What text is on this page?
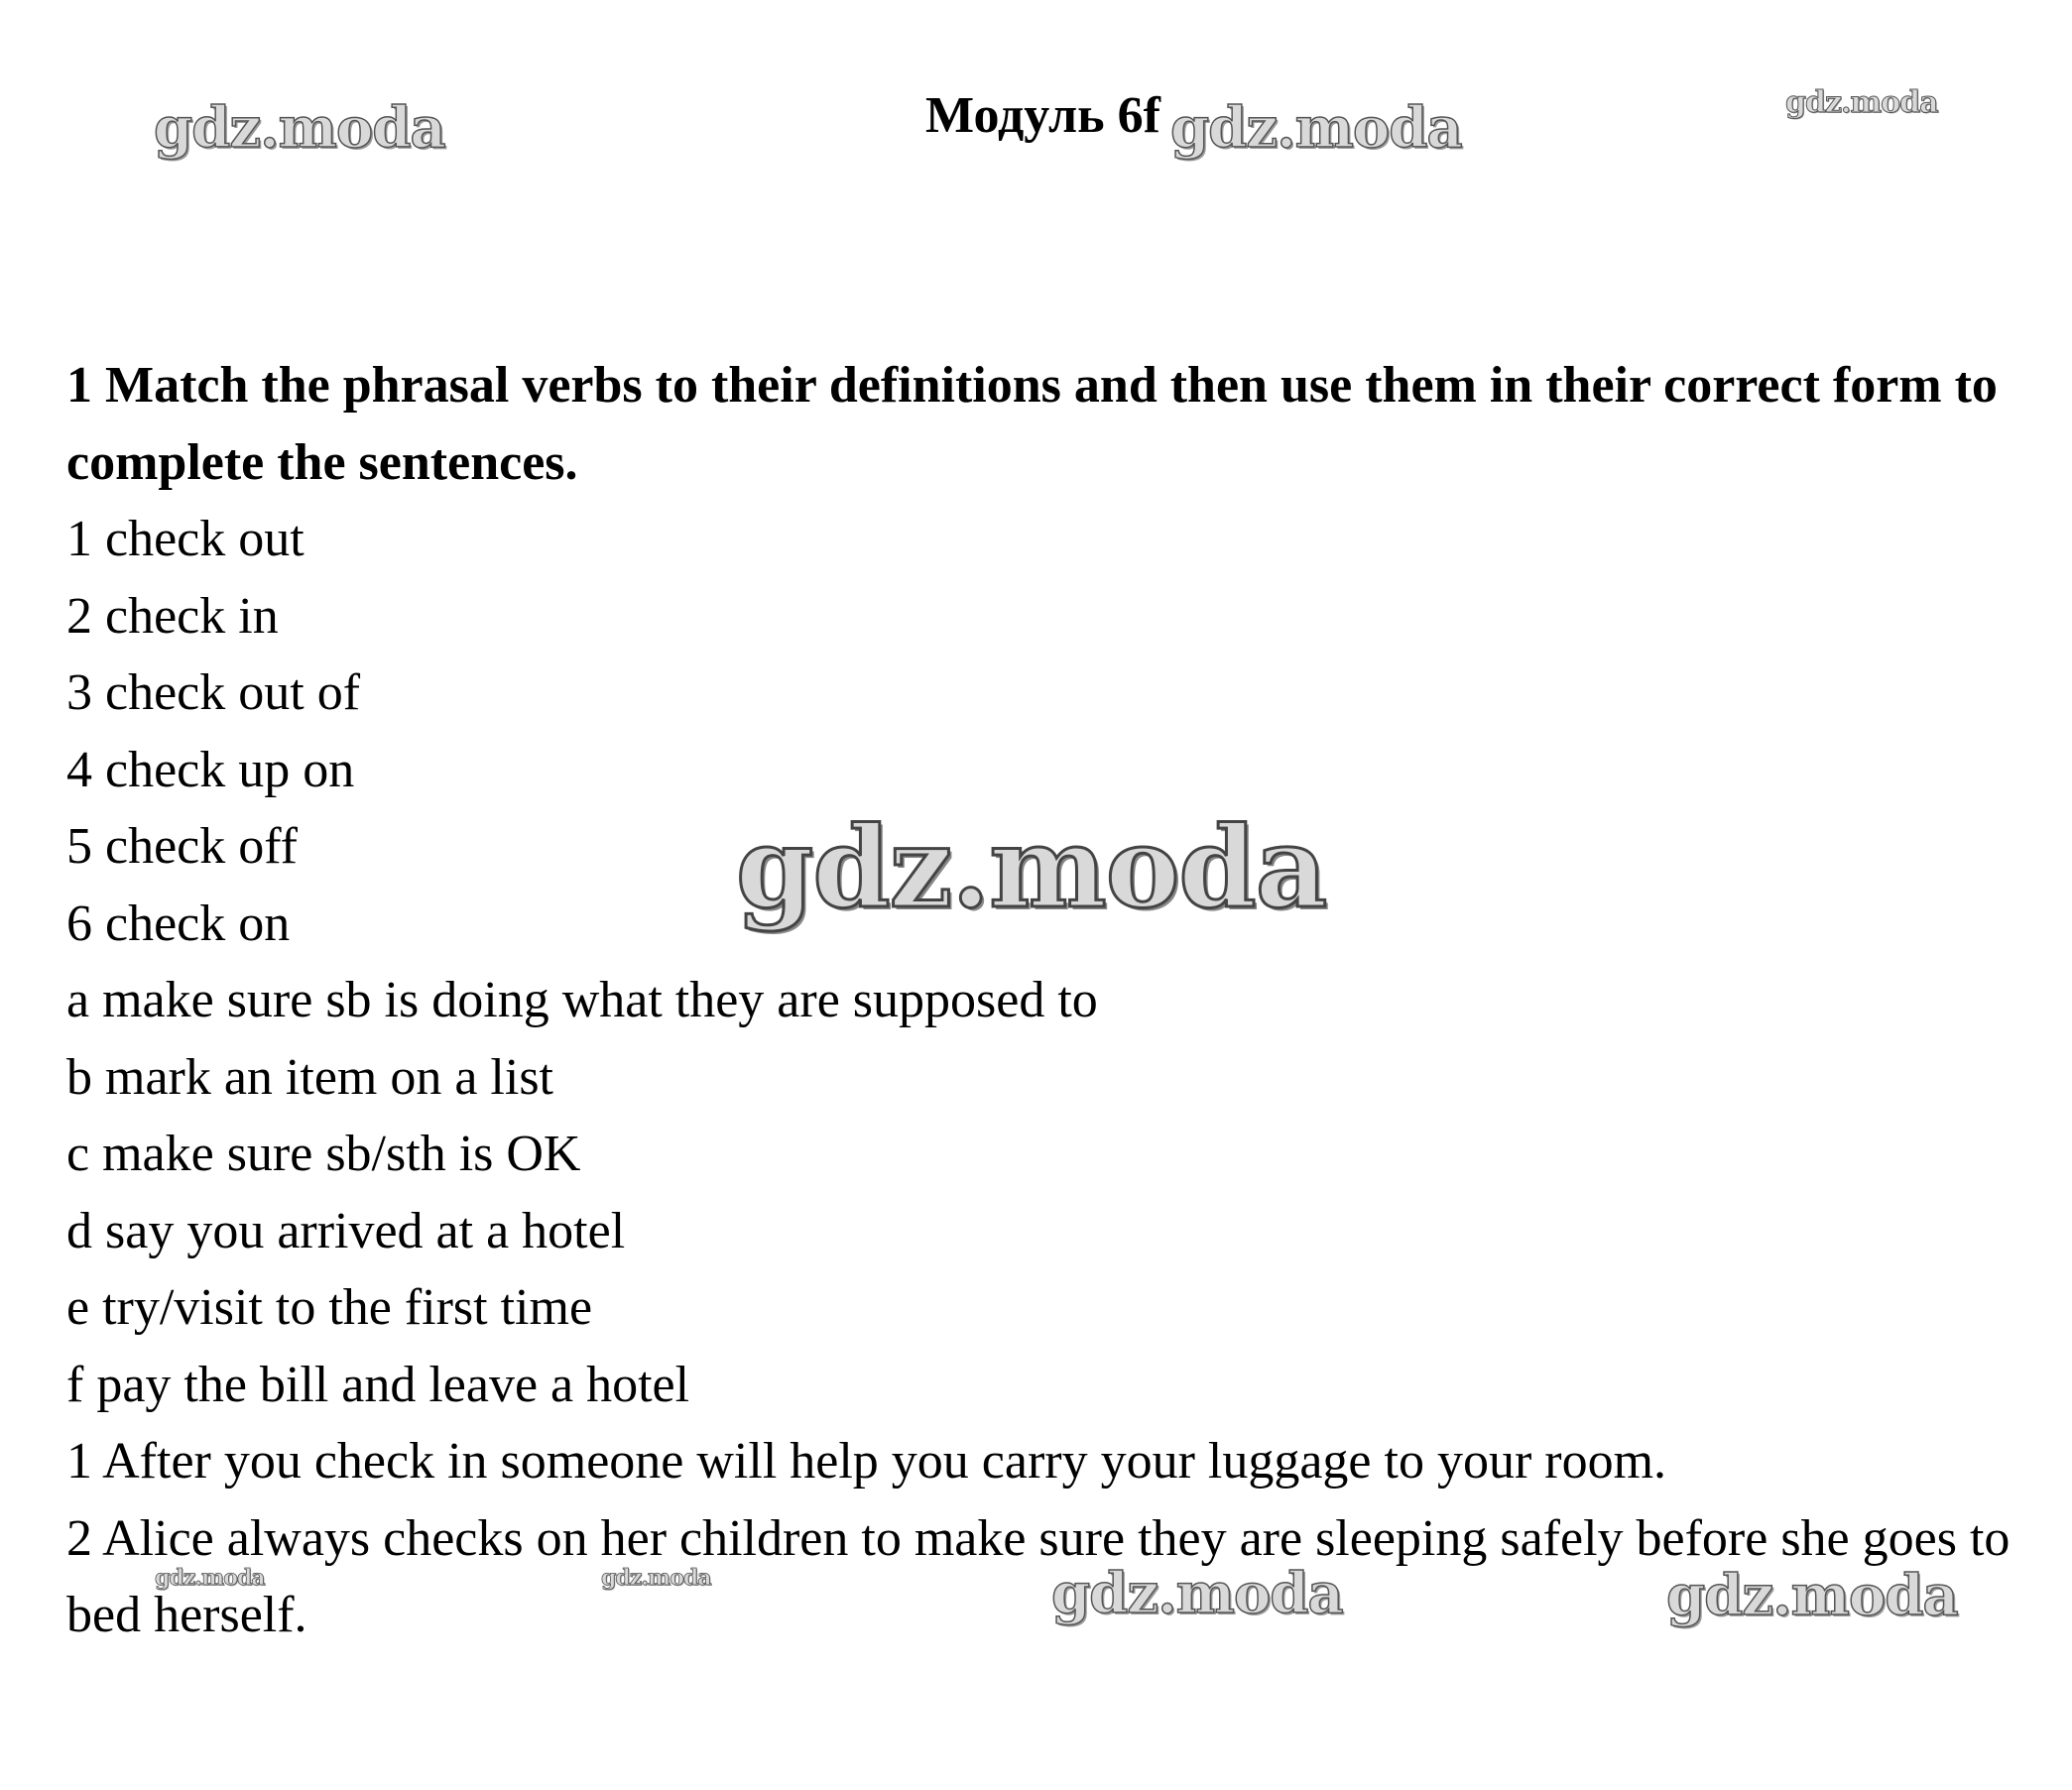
Модуль 6f

1 Match the phrasal verbs to their definitions and then use them in their correct form to complete the sentences.

1 check out

2 check in

3 check out of

4 check up on

5 check off

6 check on

a make sure sb is doing what they are supposed to

b mark an item on a list

c make sure sb/sth is OK

d say you arrived at a hotel

e try/visit to the first time

f pay the bill and leave a hotel

1 After you check in someone will help you carry your luggage to your room.

2 Alice always checks on her children to make sure they are sleeping safely before she goes to bed herself.

gdz.moda	gdz.moda	gdz.moda
gdz.moda
gdz.moda	gdz.moda	gdz.moda	gdz.moda
